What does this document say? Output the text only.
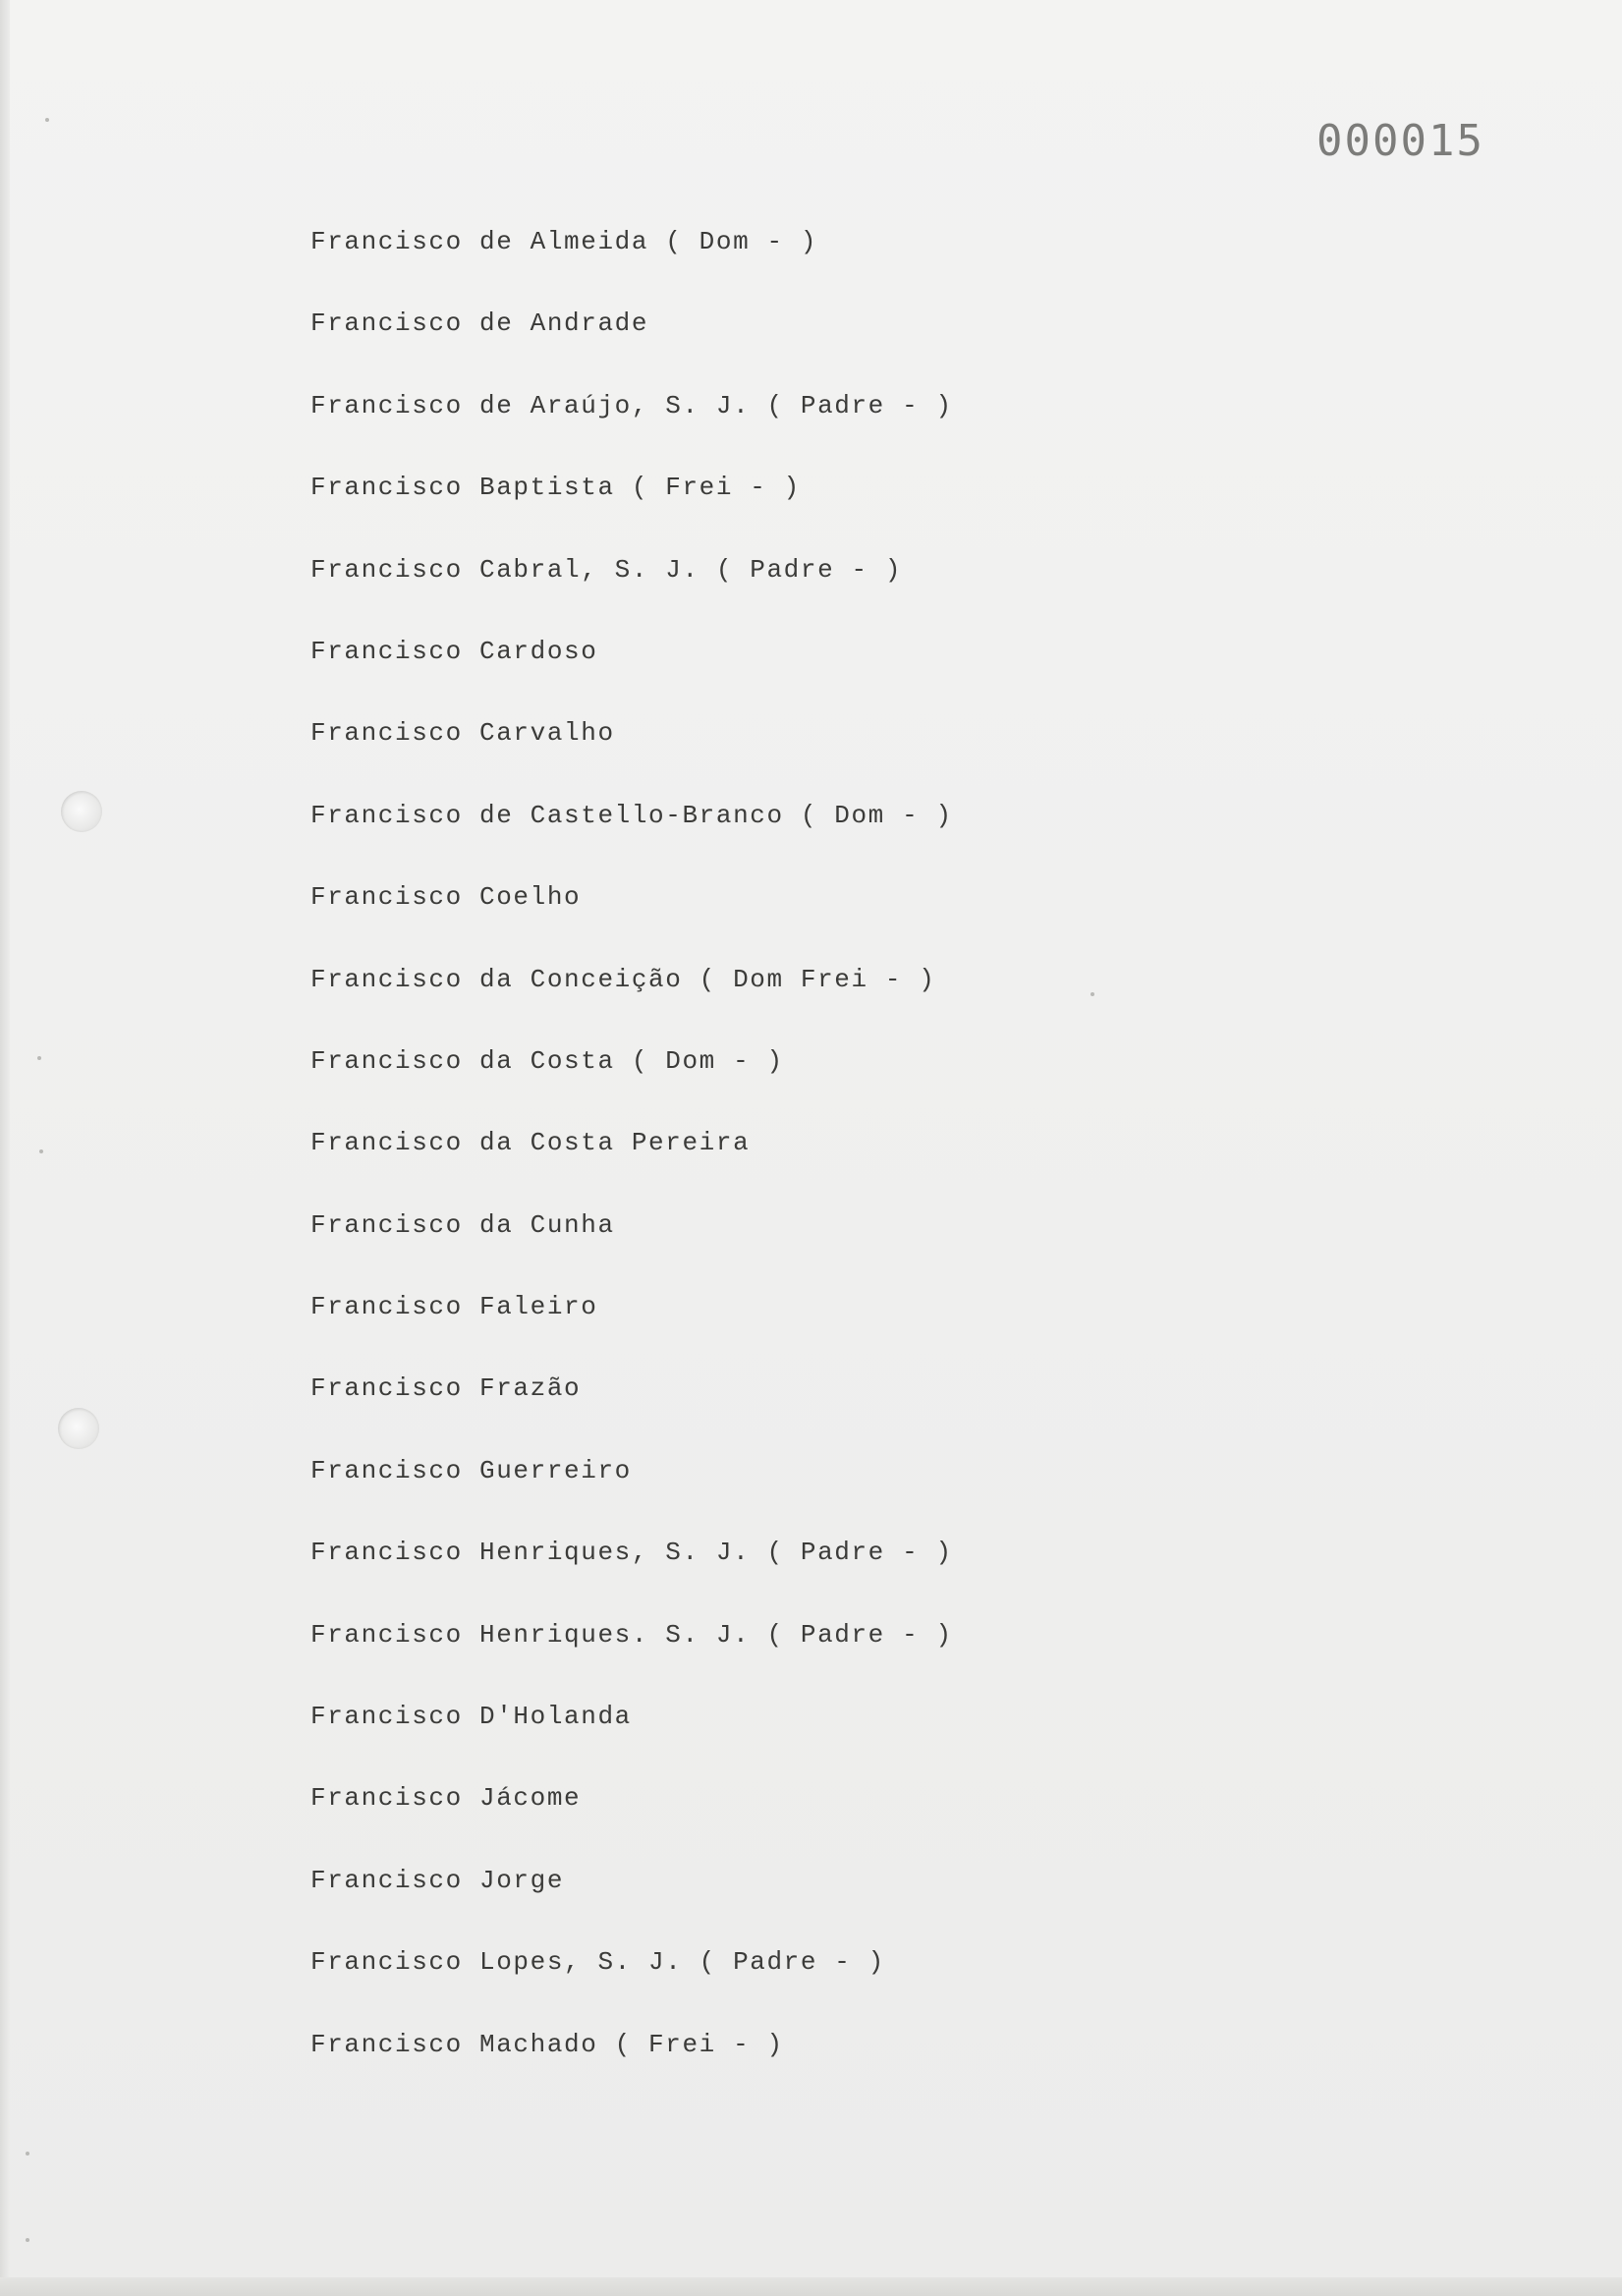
000015
Francisco de Almeida ( Dom - )
Francisco de Andrade
Francisco de Araújo, S. J. ( Padre - )
Francisco Baptista ( Frei - )
Francisco Cabral, S. J. ( Padre - )
Francisco Cardoso
Francisco Carvalho
Francisco de Castello-Branco ( Dom - )
Francisco Coelho
Francisco da Conceição ( Dom Frei - )
Francisco da Costa ( Dom - )
Francisco da Costa Pereira
Francisco da Cunha
Francisco Faleiro
Francisco Frazão
Francisco Guerreiro
Francisco Henriques, S. J. ( Padre - )
Francisco Henriques. S. J. ( Padre - )
Francisco D'Holanda
Francisco Jácome
Francisco Jorge
Francisco Lopes, S. J. ( Padre - )
Francisco Machado ( Frei - )
